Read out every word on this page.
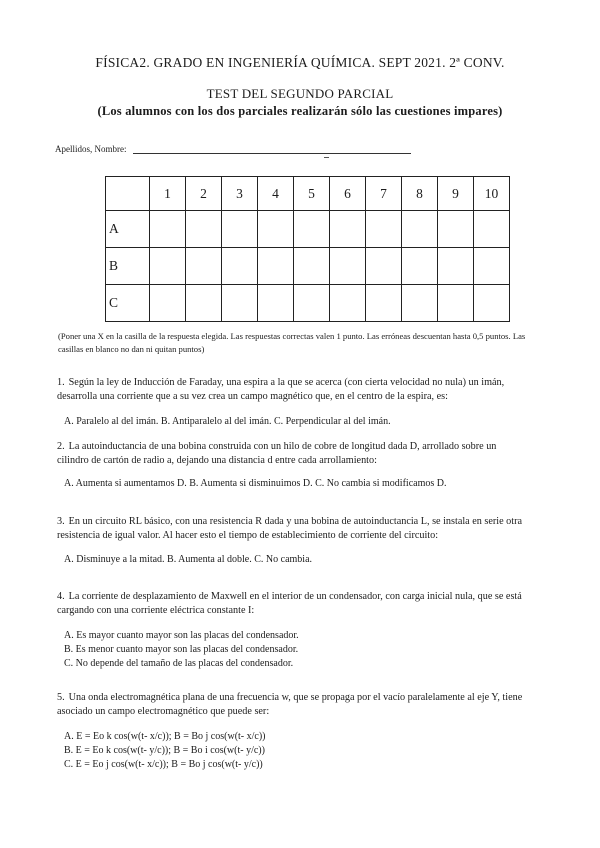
FÍSICA2. GRADO EN INGENIERÍA QUÍMICA. SEPT 2021. 2ª CONV.
TEST DEL SEGUNDO PARCIAL
(Los alumnos con los dos parciales realizarán sólo las cuestiones impares)
Apellidos, Nombre:
	1	2	3	4	5	6	7	8	9	10
A										
B										
C										
(Poner una X en la casilla de la respuesta elegida. Las respuestas correctas valen 1 punto. Las erróneas descuentan hasta 0,5 puntos. Las casillas en blanco no dan ni quitan puntos)
1. Según la ley de Inducción de Faraday, una espira a la que se acerca (con cierta velocidad no nula) un imán, desarrolla una corriente que a su vez crea un campo magnético que, en el centro de la espira, es:
A. Paralelo al del imán. B. Antiparalelo al del imán. C. Perpendicular al del imán.
2. La autoinductancia de una bobina construida con un hilo de cobre de longitud dada D, arrollado sobre un cilindro de cartón de radio a, dejando una distancia d entre cada arrollamiento:
A. Aumenta si aumentamos D. B. Aumenta si disminuimos D. C. No cambia si modificamos D.
3. En un circuito RL básico, con una resistencia R dada y una bobina de autoinductancia L, se instala en serie otra resistencia de igual valor. Al hacer esto el tiempo de establecimiento de corriente del circuito:
A. Disminuye a la mitad. B. Aumenta al doble. C. No cambia.
4. La corriente de desplazamiento de Maxwell en el interior de un condensador, con carga inicial nula, que se está cargando con una corriente eléctrica constante I:
A. Es mayor cuanto mayor son las placas del condensador.
B. Es menor cuanto mayor son las placas del condensador.
C. No depende del tamaño de las placas del condensador.
5. Una onda electromagnética plana de una frecuencia w, que se propaga por el vacío paralelamente al eje Y, tiene asociado un campo electromagnético que puede ser:
A. E = Eo k cos(w(t- x/c)); B = Bo j cos(w(t- x/c))
B. E = Eo k cos(w(t- y/c)); B = Bo i cos(w(t- y/c))
C. E = Eo j cos(w(t- x/c)); B = Bo j cos(w(t- y/c))
